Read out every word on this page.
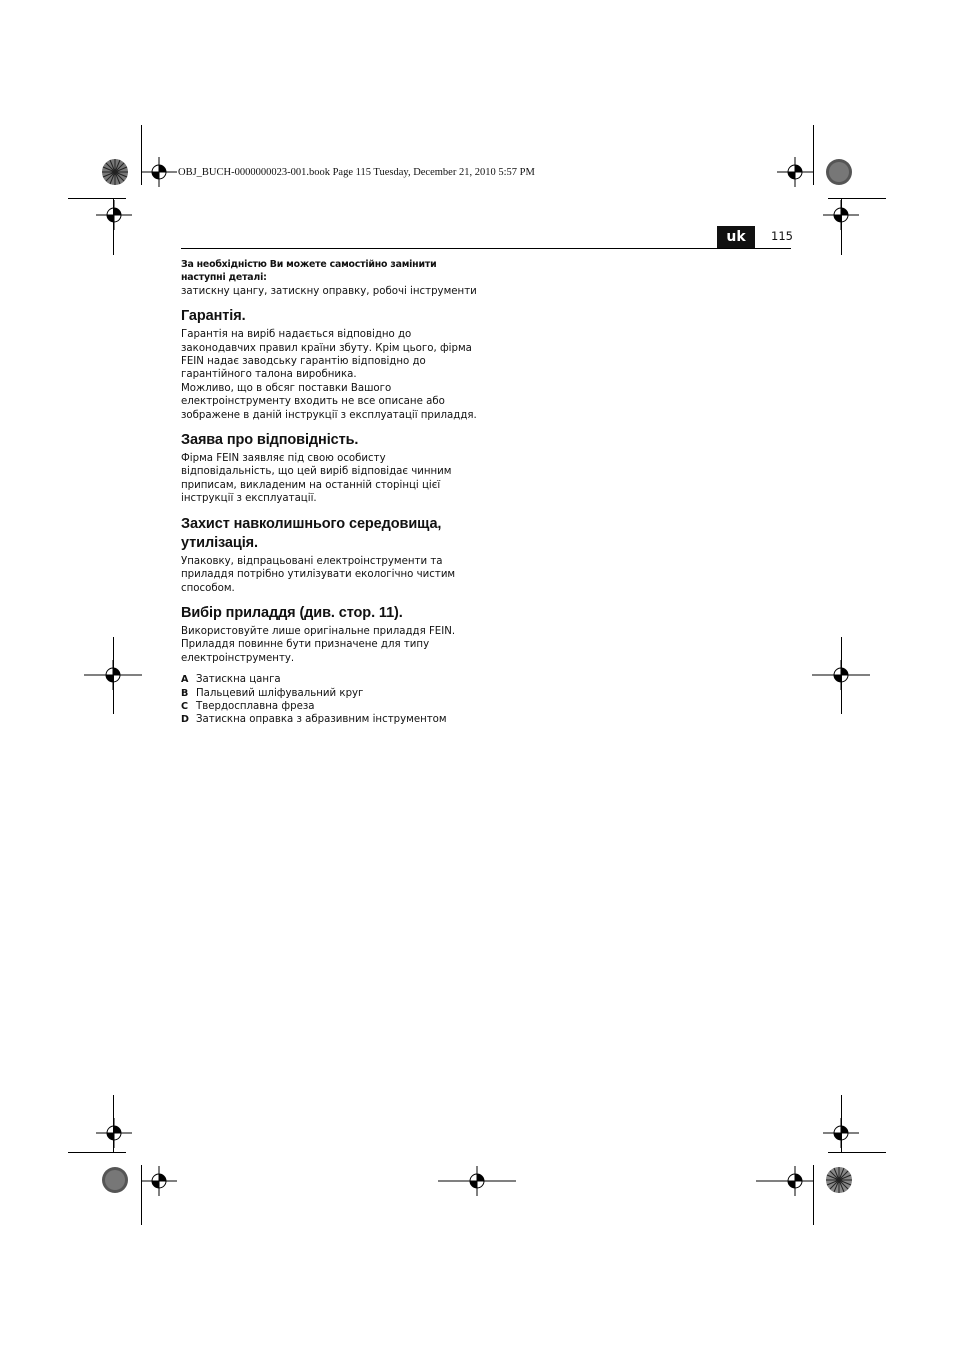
OBJ_BUCH-0000000023-001.book Page 115 Tuesday, December 21, 2010 5:57 PM
uk	115

За необхідністю Ви можете самостійно замінити наступні деталі:

затискну цангу, затискну оправку, робочі інструменти

Гарантія.

Гарантія на виріб надається відповідно до законодавчих правил країни збуту. Крім цього, фірма FEIN надає заводську гарантію відповідно до гарантійного талона виробника.

Можливо, що в обсяг поставки Вашого електроінструменту входить не все описане або зображене в даній інструкції з експлуатації приладдя.

Заява про відповідність.

Фірма FEIN заявляє під свою особисту відповідальність, що цей виріб відповідає чинним приписам, викладеним на останній сторінці цієї інструкції з експлуатації.

Захист навколишнього середовища, утилізація.

Упаковку, відпрацьовані електроінструменти та приладдя потрібно утилізувати екологічно чистим способом.

Вибір приладдя (див. стор. 11).

Використовуйте лише оригінальне приладдя FEIN. Приладдя повинне бути призначене для типу електроінструменту.

A Затискна цанга
B Пальцевий шліфувальний круг
C Твердосплавна фреза
D Затискна оправка з абразивним інструментом
